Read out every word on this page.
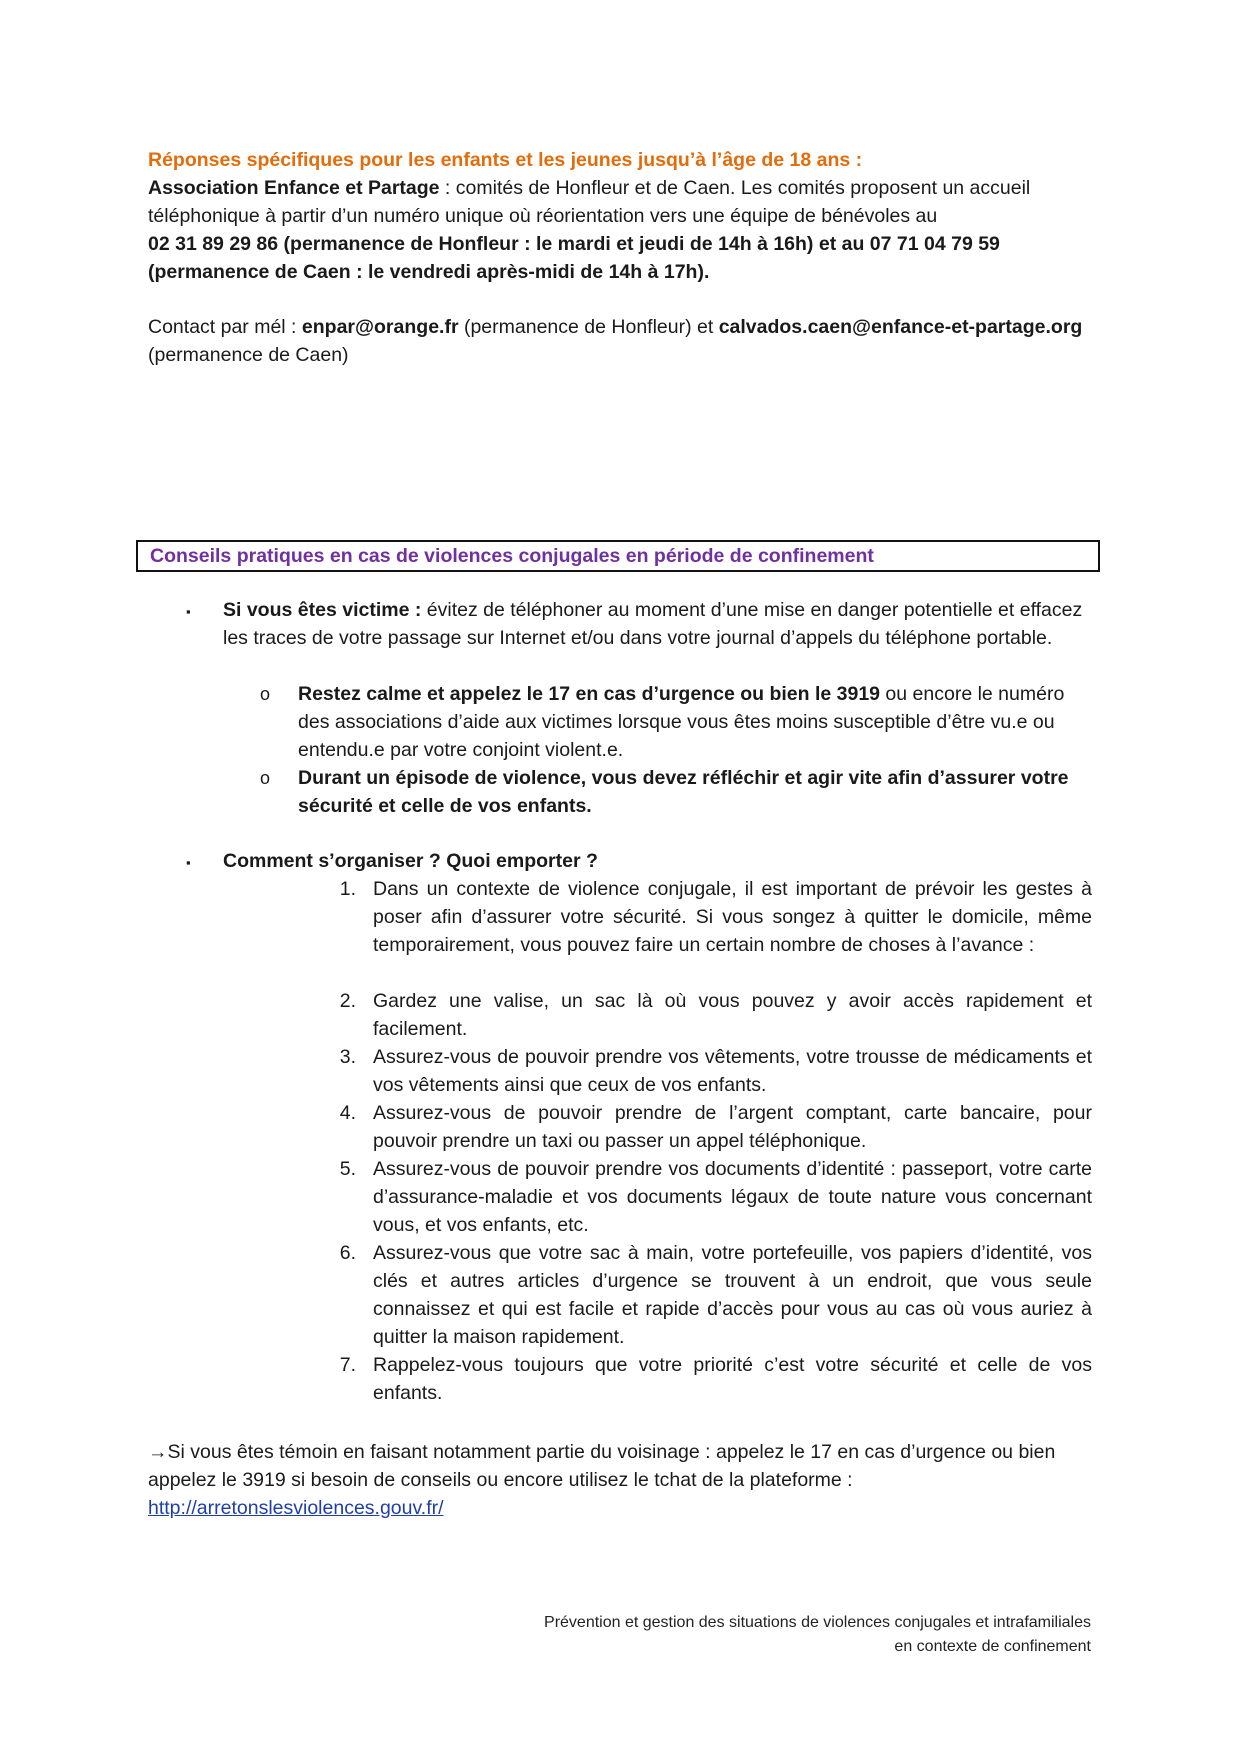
Réponses spécifiques pour les enfants et les jeunes jusqu’à l’âge de 18 ans :
Association Enfance et Partage : comités de Honfleur et de Caen. Les comités proposent un accueil téléphonique à partir d’un numéro unique où réorientation vers une équipe de bénévoles au
02 31 89 29 86 (permanence de Honfleur : le mardi et jeudi de 14h à 16h) et au 07 71 04 79 59 (permanence de Caen : le vendredi après-midi de 14h à 17h).
Contact par mél : enpar@orange.fr (permanence de Honfleur) et calvados.caen@enfance-et-partage.org (permanence de Caen)
Conseils pratiques en cas de violences conjugales en période de confinement
▪ Si vous êtes victime : évitez de téléphoner au moment d’une mise en danger potentielle et effacez les traces de votre passage sur Internet et/ou dans votre journal d’appels du téléphone portable.
o Restez calme et appelez le 17 en cas d’urgence ou bien le 3919 ou encore le numéro des associations d’aide aux victimes lorsque vous êtes moins susceptible d’être vu.e ou entendu.e par votre conjoint violent.e.
o Durant un épisode de violence, vous devez réfléchir et agir vite afin d’assurer votre sécurité et celle de vos enfants.
▪ Comment s’organiser ? Quoi emporter ?
1. Dans un contexte de violence conjugale, il est important de prévoir les gestes à poser afin d’assurer votre sécurité. Si vous songez à quitter le domicile, même temporairement, vous pouvez faire un certain nombre de choses à l’avance :
2. Gardez une valise, un sac là où vous pouvez y avoir accès rapidement et facilement.
3. Assurez-vous de pouvoir prendre vos vêtements, votre trousse de médicaments et vos vêtements ainsi que ceux de vos enfants.
4. Assurez-vous de pouvoir prendre de l’argent comptant, carte bancaire, pour pouvoir prendre un taxi ou passer un appel téléphonique.
5. Assurez-vous de pouvoir prendre vos documents d’identité : passeport, votre carte d’assurance-maladie et vos documents légaux de toute nature vous concernant vous, et vos enfants, etc.
6. Assurez-vous que votre sac à main, votre portefeuille, vos papiers d’identité, vos clés et autres articles d’urgence se trouvent à un endroit, que vous seule connaissez et qui est facile et rapide d’accès pour vous au cas où vous auriez à quitter la maison rapidement.
7. Rappelez-vous toujours que votre priorité c’est votre sécurité et celle de vos enfants.
→Si vous êtes témoin en faisant notamment partie du voisinage : appelez le 17 en cas d’urgence ou bien appelez le 3919 si besoin de conseils ou encore utilisez le tchat de la plateforme : http://arretonslesviolences.gouv.fr/
Prévention et gestion des situations de violences conjugales et intrafamiliales
en contexte de confinement
